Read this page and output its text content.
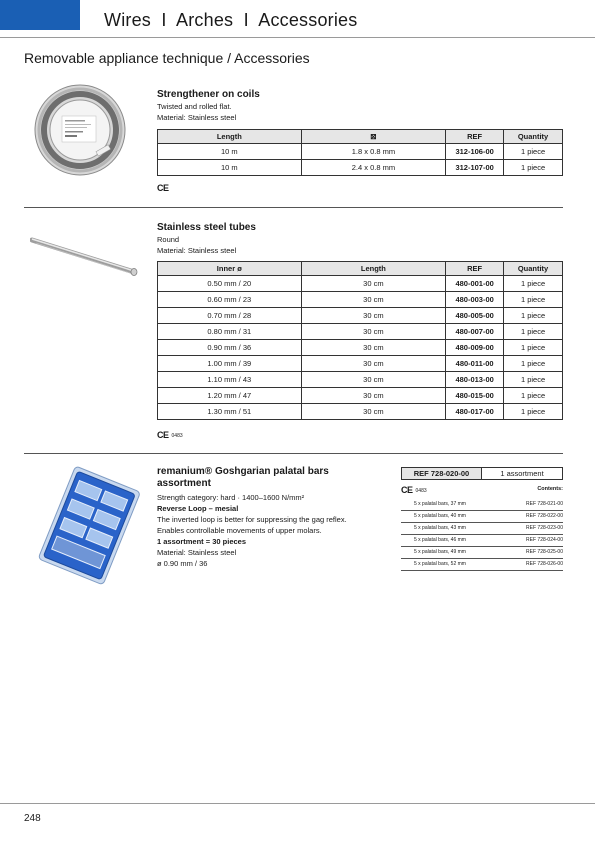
Wires  I  Arches  I  Accessories
Removable appliance technique / Accessories
Strengthener on coils
Twisted and rolled flat.
Material: Stainless steel
Length	⊠	REF	Quantity
10 m	1.8 x 0.8 mm	312-106-00	1 piece
10 m	2.4 x 0.8 mm	312-107-00	1 piece
CE
Stainless steel tubes
Round
Material: Stainless steel
Inner ø	Length	REF	Quantity
0.50 mm / 20	30 cm	480-001-00	1 piece
0.60 mm / 23	30 cm	480-003-00	1 piece
0.70 mm / 28	30 cm	480-005-00	1 piece
0.80 mm / 31	30 cm	480-007-00	1 piece
0.90 mm / 36	30 cm	480-009-00	1 piece
1.00 mm / 39	30 cm	480-011-00	1 piece
1.10 mm / 43	30 cm	480-013-00	1 piece
1.20 mm / 47	30 cm	480-015-00	1 piece
1.30 mm / 51	30 cm	480-017-00	1 piece
CE 0483
remanium® Goshgarian palatal bars
assortment
Strength category: hard · 1400–1600 N/mm²
Reverse Loop – mesial
The inverted loop is better for suppressing the gag reflex.
Enables controllable movements of upper molars.
1 assortment = 30 pieces
Material: Stainless steel
ø 0.90 mm / 36
REF 728-020-00	1 assortment
CE 0483	Contents:
5 x palatal bars, 37 mm	REF 728-021-00
5 x palatal bars, 40 mm	REF 728-022-00
5 x palatal bars, 43 mm	REF 728-023-00
5 x palatal bars, 46 mm	REF 728-024-00
5 x palatal bars, 49 mm	REF 728-025-00
5 x palatal bars, 52 mm	REF 728-026-00
248
